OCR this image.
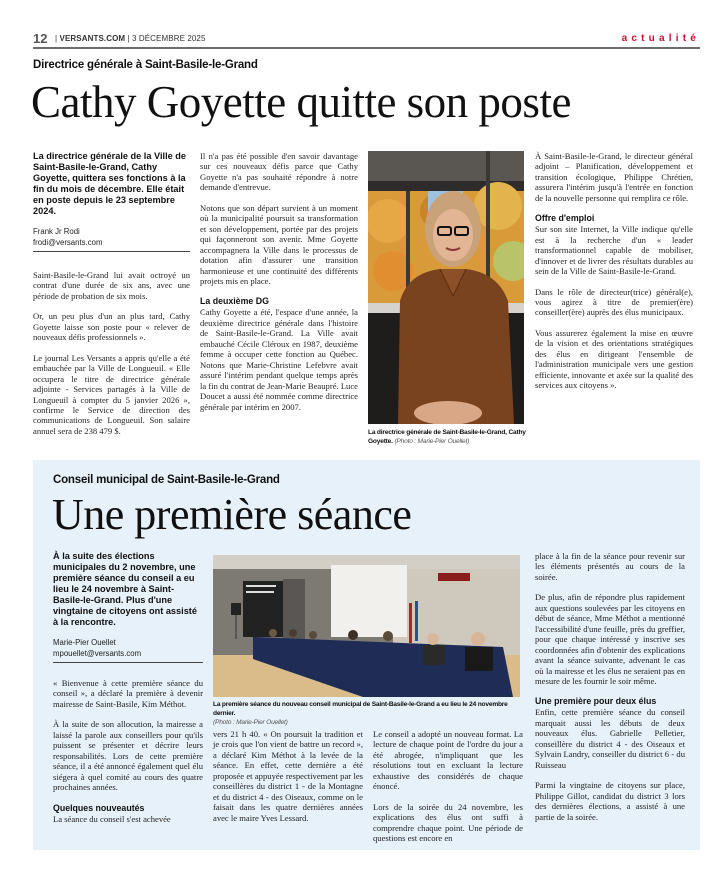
12 | VERSANTS.COM | 3 DÉCEMBRE 2025	actualité
Directrice générale à Saint-Basile-le-Grand
Cathy Goyette quitte son poste
La directrice générale de la Ville de Saint-Basile-le-Grand, Cathy Goyette, quittera ses fonctions à la fin du mois de décembre. Elle était en poste depuis le 23 septembre 2024.
Frank Jr Rodi
frodi@versants.com

Saint-Basile-le-Grand lui avait octroyé un contrat d'une durée de six ans, avec une période de probation de six mois.

Or, un peu plus d'un an plus tard, Cathy Goyette laisse son poste pour « relever de nouveaux défis professionnels ».

Le journal Les Versants a appris qu'elle a été embauchée par la Ville de Longueuil. « Elle occupera le titre de directrice générale adjointe - Services partagés à la Ville de Longueuil à compter du 5 janvier 2026 », confirme le Service de direction des communications de Longueuil. Son salaire annuel sera de 238 479 $.

Il n'a pas été possible d'en savoir davantage sur ces nouveaux défis parce que Cathy Goyette n'a pas souhaité répondre à notre demande d'entrevue.

Notons que son départ survient à un moment où la municipalité poursuit sa transformation et son développement, portée par des projets qui façonneront son avenir. Mme Goyette accompagnera la Ville dans le processus de dotation afin d'assurer une transition harmonieuse et une continuité des différents projets mis en place.

La deuxième DG

Cathy Goyette a été, l'espace d'une année, la deuxième directrice générale dans l'histoire de Saint-Basile-le-Grand. La Ville avait embauché Cécile Cléroux en 1987, deuxième femme à occuper cette fonction au Québec. Notons que Marie-Christine Lefebvre avait assuré l'intérim pendant quelque temps après la fin du contrat de Jean-Marie Beaupré. Luce Doucet a aussi été nommée comme directrice générale par intérim en 2007.

La directrice générale de Saint-Basile-le-Grand, Cathy Goyette. (Photo : Marie-Pier Ouellet)

À Saint-Basile-le-Grand, le directeur général adjoint – Planification, développement et transition écologique, Philippe Chrétien, assurera l'intérim jusqu'à l'entrée en fonction de la nouvelle personne qui remplira ce rôle.

Offre d'emploi

Sur son site Internet, la Ville indique qu'elle est à la recherche d'un « leader transformationnel capable de mobiliser, d'innover et de livrer des résultats durables au sein de la Ville de Saint-Basile-le-Grand.

Dans le rôle de directeur(trice) général(e), vous agirez à titre de premier(ère) conseiller(ère) auprès des élus municipaux.

Vous assurerez également la mise en œuvre de la vision et des orientations stratégiques des élus en dirigeant l'ensemble de l'administration municipale vers une gestion efficiente, innovante et axée sur la qualité des services aux citoyens ».

Conseil municipal de Saint-Basile-le-Grand
Une première séance
À la suite des élections municipales du 2 novembre, une première séance du conseil a eu lieu le 24 novembre à Saint-Basile-le-Grand. Plus d'une vingtaine de citoyens ont assisté à la rencontre.
Marie-Pier Ouellet
mpouellet@versants.com

« Bienvenue à cette première séance du conseil », a déclaré la première à devenir mairesse de Saint-Basile, Kim Méthot.

À la suite de son allocution, la mairesse a laissé la parole aux conseillers pour qu'ils puissent se présenter et décrire leurs responsabilités. Lors de cette première séance, il a été annoncé également quel élu siégera à quel comité au cours des quatre prochaines années.

Quelques nouveautés

La séance du conseil s'est achevée

La première séance du nouveau conseil municipal de Saint-Basile-le-Grand a eu lieu le 24 novembre dernier.
(Photo : Marie-Pier Ouellet)

vers 21 h 40. « On poursuit la tradition et je crois que l'on vient de battre un record », a déclaré Kim Méthot à la levée de la séance. En effet, cette dernière a été proposée et appuyée respectivement par les conseillères du district 1 - de la Montagne et du district 4 - des Oiseaux, comme on le faisait dans les quatre dernières années avec le maire Yves Lessard.

Le conseil a adopté un nouveau format. La lecture de chaque point de l'ordre du jour a été abrogée, n'impliquant que les résolutions tout en excluant la lecture exhaustive des considérés de chaque énoncé.

Lors de la soirée du 24 novembre, les explications des élus ont suffi à comprendre chaque point. Une période de questions est encore en

place à la fin de la séance pour revenir sur les éléments présentés au cours de la soirée.

De plus, afin de répondre plus rapidement aux questions soulevées par les citoyens en début de séance, Mme Méthot a mentionné l'accessibilité d'une feuille, près du greffier, pour que chaque intéressé y inscrive ses coordonnées afin d'obtenir des explications avant la séance suivante, advenant le cas où la mairesse et les élus ne seraient pas en mesure de les fournir le soir même.

Une première pour deux élus

Enfin, cette première séance du conseil marquait aussi les débuts de deux nouveaux élus. Gabrielle Pelletier, conseillère du district 4 - des Oiseaux et Sylvain Landry, conseiller du district 6 - du Ruisseau

Parmi la vingtaine de citoyens sur place, Philippe Gillot, candidat du district 3 lors des dernières élections, a assisté à une partie de la soirée.
